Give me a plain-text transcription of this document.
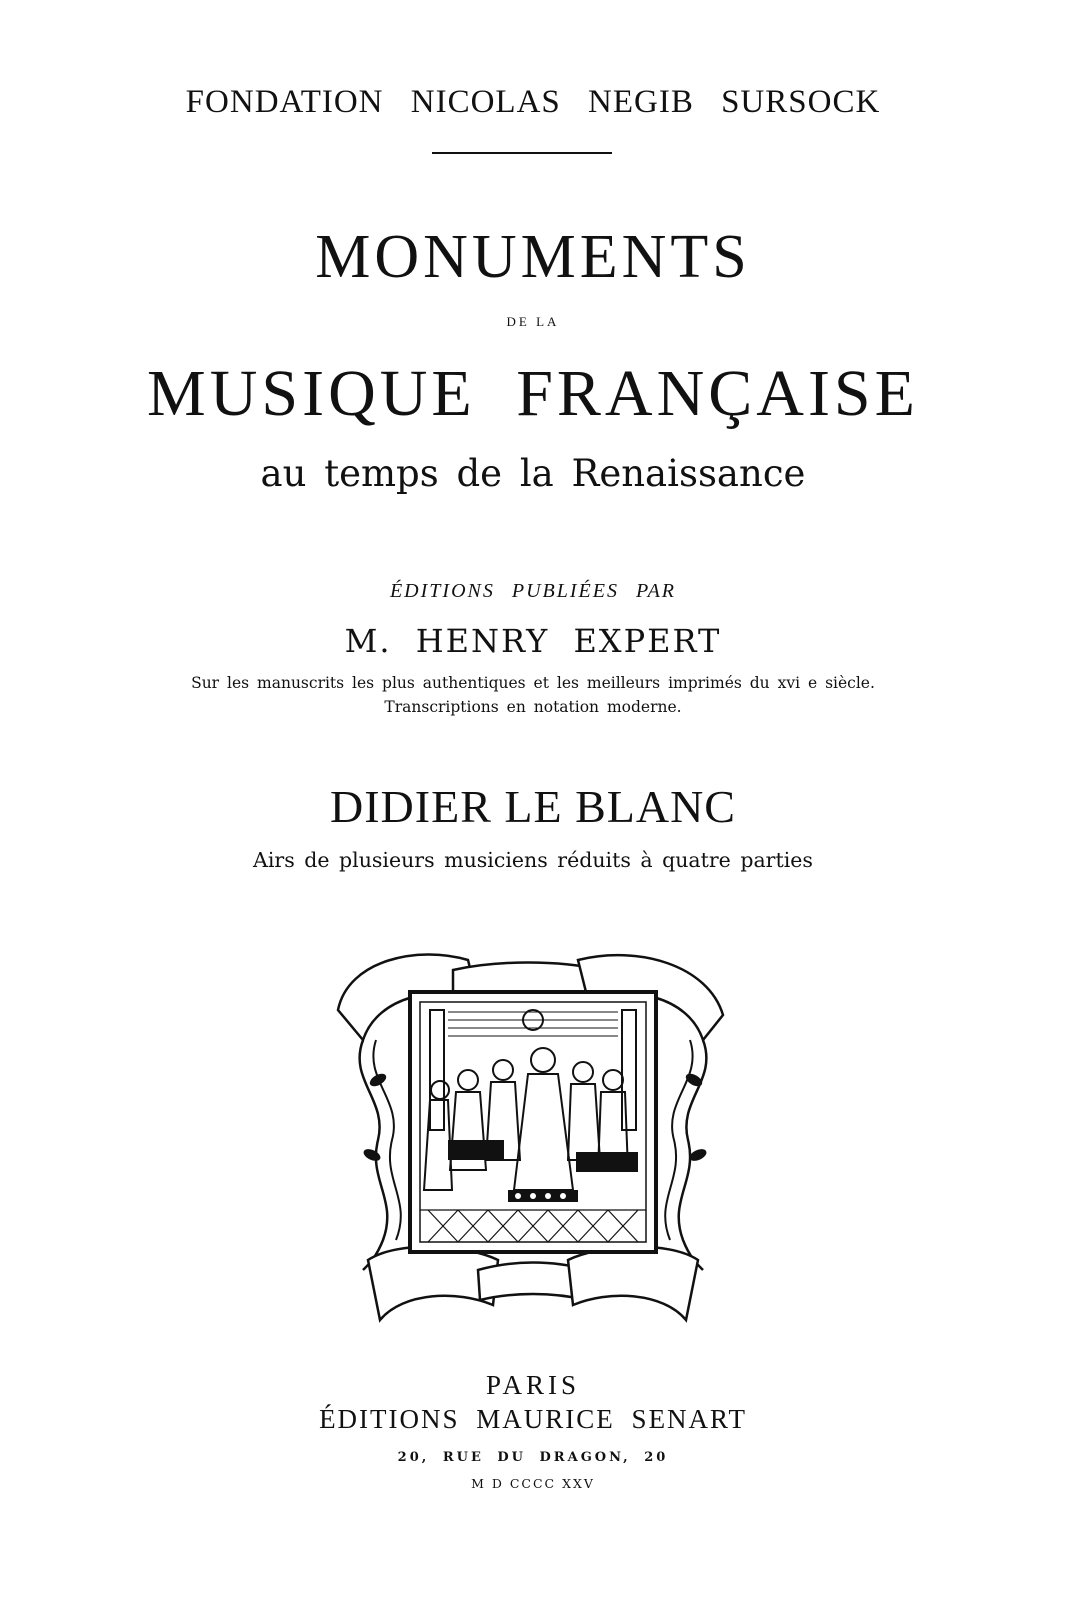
FONDATION NICOLAS NEGIB SURSOCK
MONUMENTS
DE LA
MUSIQUE FRANÇAISE
au temps de la Renaissance
ÉDITIONS PUBLIÉES PAR
M. HENRY EXPERT
Sur les manuscrits les plus authentiques et les meilleurs imprimés du xvi e siècle.
Transcriptions en notation moderne.
DIDIER LE BLANC
Airs de plusieurs musiciens réduits à quatre parties
PARIS
ÉDITIONS MAURICE SENART
20, RUE DU DRAGON, 20
M D CCCC XXV
